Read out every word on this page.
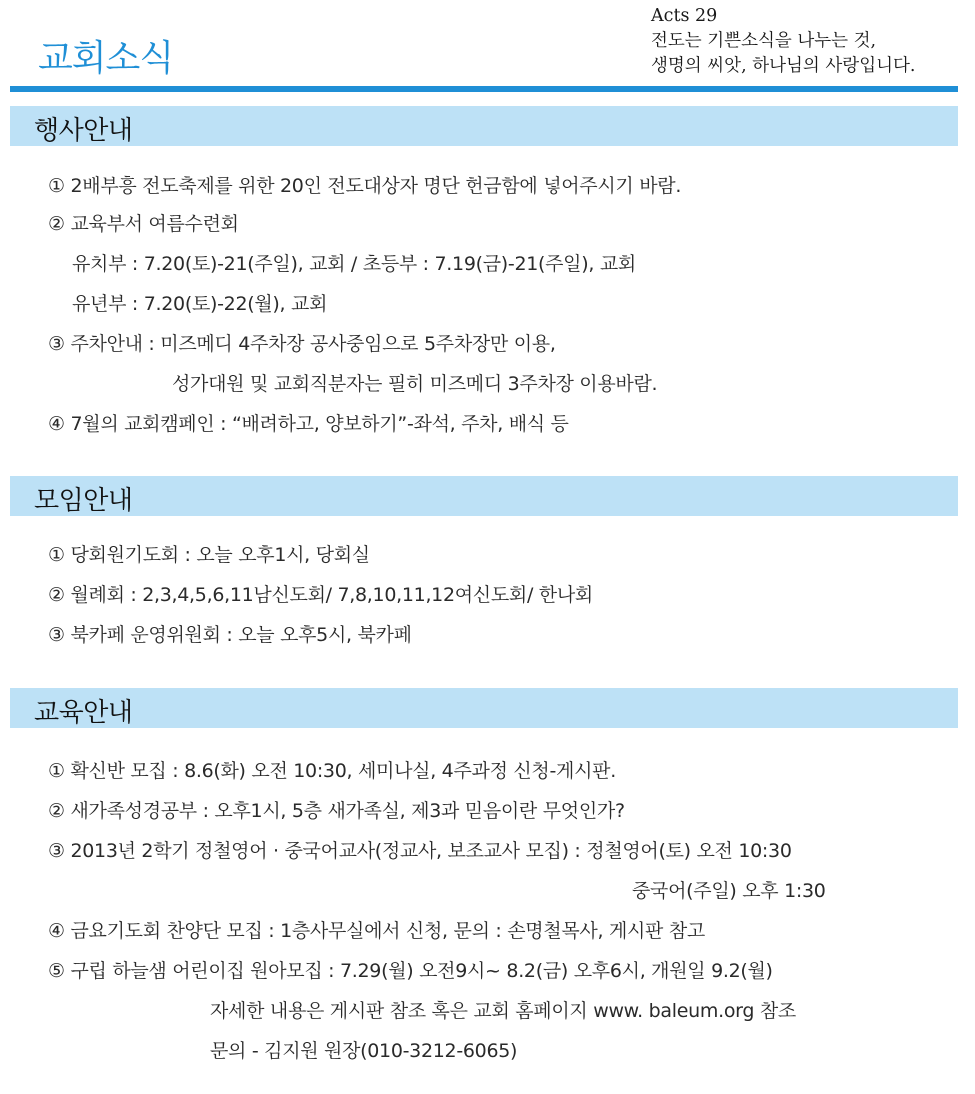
교회소식
Acts 29
전도는 기쁜소식을 나누는 것,
생명의 씨앗, 하나님의 사랑입니다.
행사안내
① 2배부흥 전도축제를 위한 20인 전도대상자 명단 헌금함에 넣어주시기 바람.
② 교육부서 여름수련회
유치부 : 7.20(토)-21(주일), 교회 / 초등부 : 7.19(금)-21(주일), 교회
유년부 : 7.20(토)-22(월), 교회
③ 주차안내 : 미즈메디 4주차장 공사중임으로 5주차장만 이용,
성가대원 및 교회직분자는 필히 미즈메디 3주차장 이용바람.
④ 7월의 교회캠페인 : “배려하고, 양보하기”-좌석, 주차, 배식 등
모임안내
① 당회원기도회 : 오늘 오후1시, 당회실
② 월례회 : 2,3,4,5,6,11남신도회/ 7,8,10,11,12여신도회/ 한나회
③ 북카페 운영위원회 : 오늘 오후5시, 북카페
교육안내
① 확신반 모집 : 8.6(화) 오전 10:30, 세미나실, 4주과정 신청-게시판.
② 새가족성경공부 : 오후1시, 5층 새가족실, 제3과 믿음이란 무엇인가?
③ 2013년 2학기 정철영어 · 중국어교사(정교사, 보조교사 모집) : 정철영어(토) 오전 10:30
중국어(주일) 오후 1:30
④ 금요기도회 찬양단 모집 : 1층사무실에서 신청, 문의 : 손명철목사, 게시판 참고
⑤ 구립 하늘샘 어린이집 원아모집 : 7.29(월) 오전9시~ 8.2(금) 오후6시, 개원일 9.2(월)
자세한 내용은 게시판 참조 혹은 교회 홈페이지 www. baleum.org 참조
문의 - 김지원 원장(010-3212-6065)
